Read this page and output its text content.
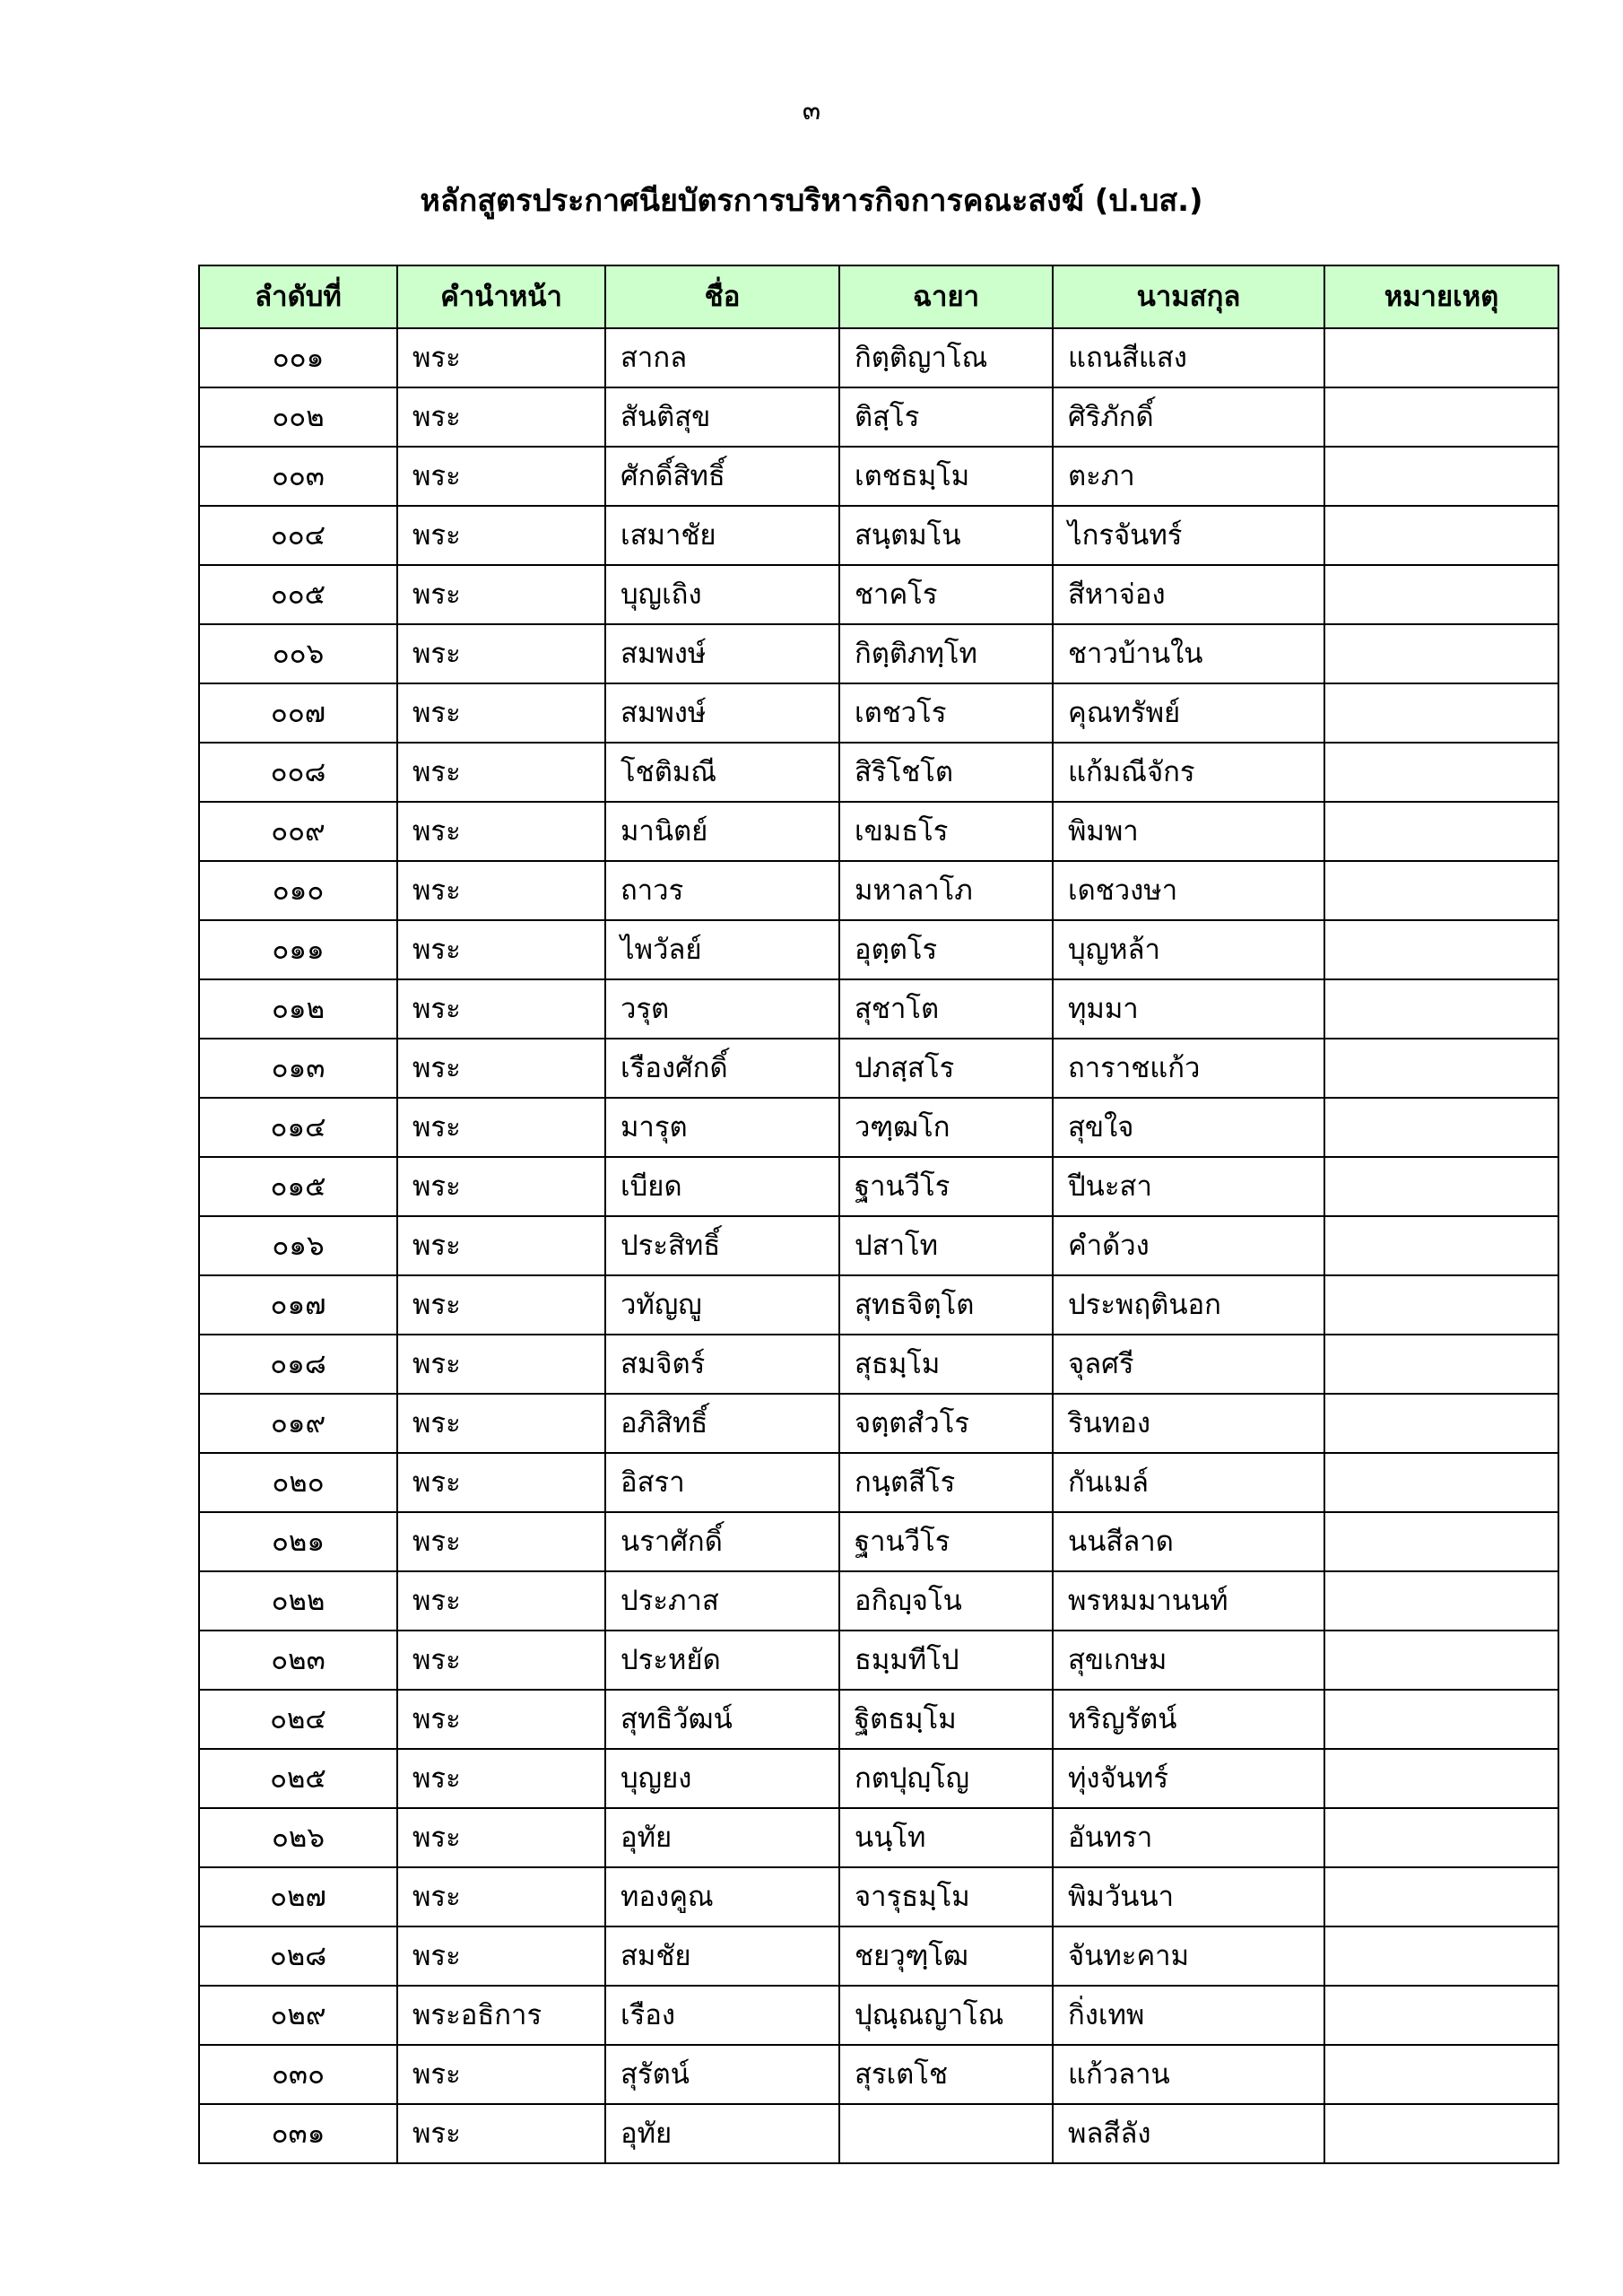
๓
หลักสูตรประกาศนียบัตรการบริหารกิจการคณะสงฆ์ (ป.บส.)
ลำดับที่	คำนำหน้า	ชื่อ	ฉายา	นามสกุล	หมายเหตุ
๐๐๑	พระ	สากล	กิตฺติญาโณ	แถนสีแสง	
๐๐๒	พระ	สันติสุข	ติสฺโร	ศิริภักดิ์	
๐๐๓	พระ	ศักดิ์สิทธิ์	เตชธมฺโม	ตะภา	
๐๐๔	พระ	เสมาชัย	สนฺตมโน	ไกรจันทร์	
๐๐๕	พระ	บุญเถิง	ชาคโร	สีหาจ่อง	
๐๐๖	พระ	สมพงษ์	กิตฺติภทฺโท	ชาวบ้านใน	
๐๐๗	พระ	สมพงษ์	เตชวโร	คุณทรัพย์	
๐๐๘	พระ	โชติมณี	สิริโชโต	แก้มณีจักร	
๐๐๙	พระ	มานิตย์	เขมธโร	พิมพา	
๐๑๐	พระ	ถาวร	มหาลาโภ	เดชวงษา	
๐๑๑	พระ	ไพวัลย์	อุตฺตโร	บุญหล้า	
๐๑๒	พระ	วรุต	สุชาโต	ทุมมา	
๐๑๓	พระ	เรืองศักดิ์	ปภสฺสโร	ถาราชแก้ว	
๐๑๔	พระ	มารุต	วฑฺฒโก	สุขใจ	
๐๑๕	พระ	เบียด	ฐานวีโร	ปีนะสา	
๐๑๖	พระ	ประสิทธิ์	ปสาโท	คำด้วง	
๐๑๗	พระ	วทัญญู	สุทธจิตฺโต	ประพฤตินอก	
๐๑๘	พระ	สมจิตร์	สุธมฺโม	จุลศรี	
๐๑๙	พระ	อภิสิทธิ์	จตฺตสํวโร	รินทอง	
๐๒๐	พระ	อิสรา	กนฺตสีโร	กันเมล์	
๐๒๑	พระ	นราศักดิ์	ฐานวีโร	นนสีลาด	
๐๒๒	พระ	ประภาส	อกิญฺจโน	พรหมมานนท์	
๐๒๓	พระ	ประหยัด	ธมฺมทีโป	สุขเกษม	
๐๒๔	พระ	สุทธิวัฒน์	ฐิตธมฺโม	หริญรัตน์	
๐๒๕	พระ	บุญยง	กตปุญฺโญ	ทุ่งจันทร์	
๐๒๖	พระ	อุทัย	นนฺโท	อันทรา	
๐๒๗	พระ	ทองคูณ	จารุธมฺโม	พิมวันนา	
๐๒๘	พระ	สมชัย	ชยวุฑฺโฒ	จันทะคาม	
๐๒๙	พระอธิการ	เรือง	ปุณฺณญาโณ	กิ่งเทพ	
๐๓๐	พระ	สุรัตน์	สุรเตโช	แก้วลาน	
๐๓๑	พระ	อุทัย		พลสีลัง	
